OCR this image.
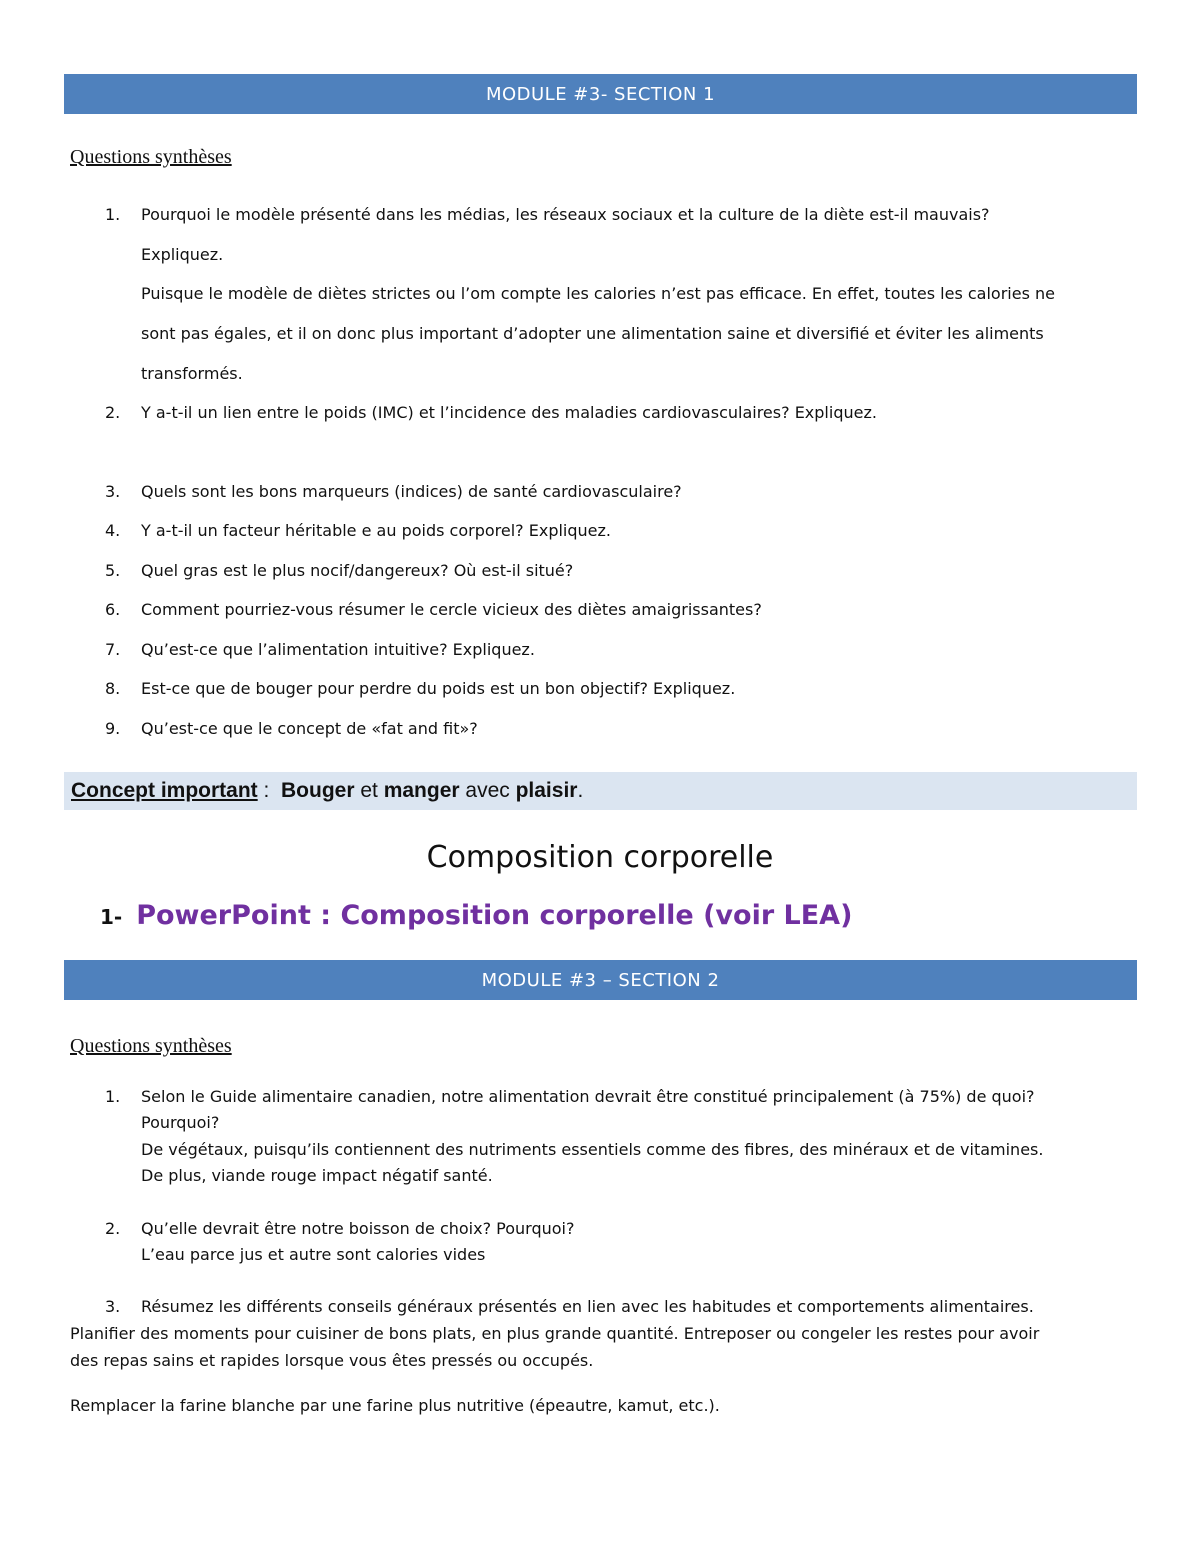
MODULE #3- SECTION 1
Questions synthèses
1. Pourquoi le modèle présenté dans les médias, les réseaux sociaux et la culture de la diète est-il mauvais?
Expliquez.
Puisque le modèle de diètes strictes ou l’om compte les calories n’est pas efficace. En effet, toutes les calories ne
sont pas égales, et il on donc plus important d’adopter une alimentation saine et diversifié et éviter les aliments
transformés.
2. Y a-t-il un lien entre le poids (IMC) et l’incidence des maladies cardiovasculaires? Expliquez.
3. Quels sont les bons marqueurs (indices) de santé cardiovasculaire?
4. Y a-t-il un facteur héritable e au poids corporel? Expliquez.
5. Quel gras est le plus nocif/dangereux? Où est-il situé?
6. Comment pourriez-vous résumer le cercle vicieux des diètes amaigrissantes?
7. Qu’est-ce que l’alimentation intuitive? Expliquez.
8. Est-ce que de bouger pour perdre du poids est un bon objectif? Expliquez.
9. Qu’est-ce que le concept de «fat and fit»?
Concept important : Bouger et manger avec plaisir .
Composition corporelle
1- PowerPoint : Composition corporelle (voir LEA)
MODULE #3 – SECTION 2
Questions synthèses
1. Selon le Guide alimentaire canadien, notre alimentation devrait être constitué principalement (à 75%) de quoi?
Pourquoi?
De végétaux, puisqu’ils contiennent des nutriments essentiels comme des fibres, des minéraux et de vitamines.
De plus, viande rouge impact négatif santé.
2. Qu’elle devrait être notre boisson de choix? Pourquoi?
L’eau parce jus et autre sont calories vides
3. Résumez les différents conseils généraux présentés en lien avec les habitudes et comportements alimentaires.
Planifier des moments pour cuisiner de bons plats, en plus grande quantité. Entreposer ou congeler les restes pour avoir
des repas sains et rapides lorsque vous êtes pressés ou occupés.
Remplacer la farine blanche par une farine plus nutritive (épeautre, kamut, etc.).
